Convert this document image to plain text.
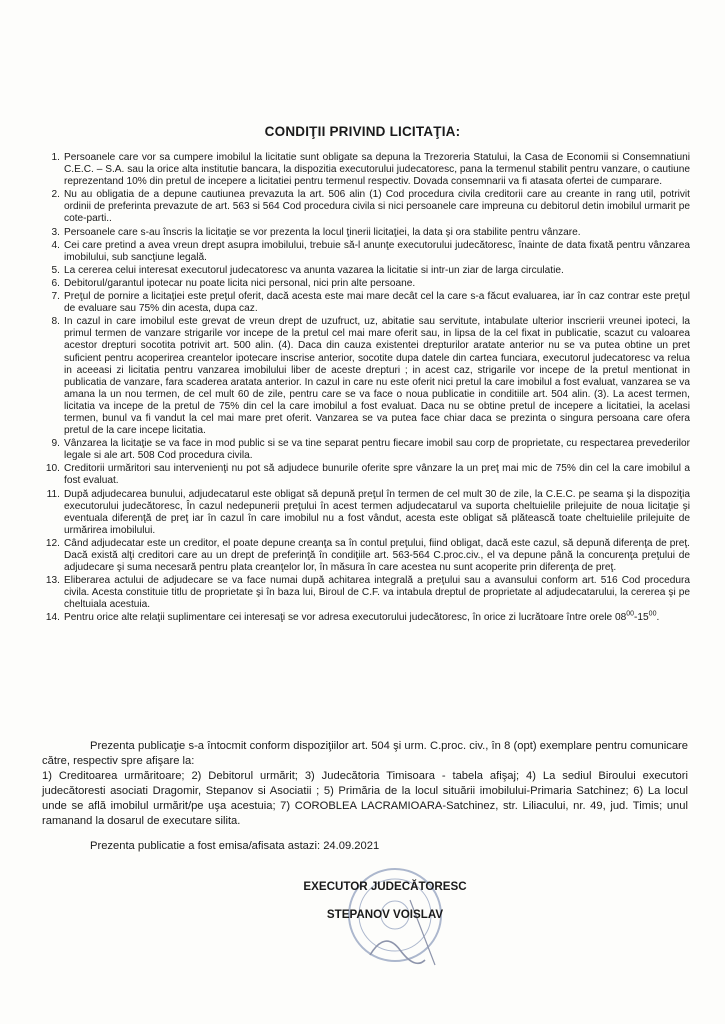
CONDIŢII PRIVIND LICITAŢIA:
1. Persoanele care vor sa cumpere imobilul la licitatie sunt obligate sa depuna la Trezoreria Statului, la Casa de Economii si Consemnatiuni C.E.C. – S.A. sau la orice alta institutie bancara, la dispozitia executorului judecatoresc, pana la termenul stabilit pentru vanzare, o cautiune reprezentand 10% din pretul de incepere a licitatiei pentru termenul respectiv. Dovada consemnarii va fi atasata ofertei de cumparare.
2. Nu au obligatia de a depune cautiunea prevazuta la art. 506 alin (1) Cod procedura civila creditorii care au creante in rang util, potrivit ordinii de preferinta prevazute de art. 563 si 564 Cod procedura civila si nici persoanele care impreuna cu debitorul detin imobilul urmarit pe cote-parti..
3. Persoanele care s-au înscris la licitaţie se vor prezenta la locul ţinerii licitaţiei, la data şi ora stabilite pentru vânzare.
4. Cei care pretind a avea vreun drept asupra imobilului, trebuie să-l anunţe executorului judecătoresc, înainte de data fixată pentru vânzarea imobilului, sub sancţiune legală.
5. La cererea celui interesat executorul judecatoresc va anunta vazarea la licitatie si intr-un ziar de larga circulatie.
6. Debitorul/garantul ipotecar nu poate licita nici personal, nici prin alte persoane.
7. Preţul de pornire a licitaţiei este preţul oferit, dacă acesta este mai mare decât cel la care s-a făcut evaluarea, iar în caz contrar este preţul de evaluare sau 75% din acesta, dupa caz.
8. In cazul in care imobilul este grevat de vreun drept de uzufruct, uz, abitatie sau servitute, intabulate ulterior inscrierii vreunei ipoteci, la primul termen de vanzare strigarile vor incepe de la pretul cel mai mare oferit sau, in lipsa de la cel fixat in publicatie, scazut cu valoarea acestor drepturi socotita potrivit art. 500 alin. (4). Daca din cauza existentei drepturilor aratate anterior nu se va putea obtine un pret suficient pentru acoperirea creantelor ipotecare inscrise anterior, socotite dupa datele din cartea funciara, executorul judecatoresc va relua in aceeasi zi licitatia pentru vanzarea imobilului liber de aceste drepturi ; in acest caz, strigarile vor incepe de la pretul mentionat in publicatia de vanzare, fara scaderea aratata anterior. In cazul in care nu este oferit nici pretul la care imobilul a fost evaluat, vanzarea se va amana la un nou termen, de cel mult 60 de zile, pentru care se va face o noua publicatie in conditiile art. 504 alin. (3). La acest termen, licitatia va incepe de la pretul de 75% din cel la care imobilul a fost evaluat. Daca nu se obtine pretul de incepere a licitatiei, la acelasi termen, bunul va fi vandut la cel mai mare pret oferit. Vanzarea se va putea face chiar daca se prezinta o singura persoana care ofera pretul de la care incepe licitatia.
9. Vânzarea la licitaţie se va face in mod public si se va tine separat pentru fiecare imobil sau corp de proprietate, cu respectarea prevederilor legale si ale art. 508 Cod procedura civila.
10. Creditorii urmăritori sau intervenienţi nu pot să adjudece bunurile oferite spre vânzare la un preţ mai mic de 75% din cel la care imobilul a fost evaluat.
11. După adjudecarea bunului, adjudecatarul este obligat să depună preţul în termen de cel mult 30 de zile, la C.E.C. pe seama şi la dispoziţia executorului judecătoresc, În cazul nedepunerii preţului în acest termen adjudecatarul va suporta cheltuielile prilejuite de noua licitaţie şi eventuala diferenţă de preţ iar în cazul în care imobilul nu a fost vândut, acesta este obligat să plătească toate cheltuielile prilejuite de urmărirea imobilului.
12. Când adjudecatar este un creditor, el poate depune creanţa sa în contul preţului, fiind obligat, dacă este cazul, să depună diferenţa de preţ. Dacă există alţi creditori care au un drept de preferinţă în condiţiile art. 563-564 C.proc.civ., el va depune până la concurenţa preţului de adjudecare şi suma necesară pentru plata creanţelor lor, în măsura în care acestea nu sunt acoperite prin diferenţa de preţ.
13. Eliberarea actului de adjudecare se va face numai după achitarea integrală a preţului sau a avansului conform art. 516 Cod procedura civila. Acesta constituie titlu de proprietate şi în baza lui, Biroul de C.F. va intabula dreptul de proprietate al adjudecatarului, la cererea şi pe cheltuiala acestuia.
14. Pentru orice alte relaţii suplimentare cei interesaţi se vor adresa executorului judecătoresc, în orice zi lucrătoare între orele $08^{00}-15^{00}$.
Prezenta publicaţie s-a întocmit conform dispoziţiilor art. 504 şi urm. C.proc. civ., în 8 (opt) exemplare pentru comunicare către, respectiv spre afişare la:
1) Creditoarea urmăritoare; 2) Debitorul urmărit; 3) Judecătoria Timisoara - tabela afişaj; 4) La sediul Biroului executori judecătoresti asociati Dragomir, Stepanov si Asociatii ; 5) Primăria de la locul situării imobilului-Primaria Satchinez; 6) La locul unde se află imobilul urmărit/pe uşa acestuia; 7) COROBLEA LACRAMIOARA-Satchinez, str. Liliacului, nr. 49, jud. Timis; unul ramanand la dosarul de executare silita.
Prezenta publicatie a fost emisa/afisata astazi: 24.09.2021
EXECUTOR JUDECĂTORESC
STEPANOV VOISLAV
